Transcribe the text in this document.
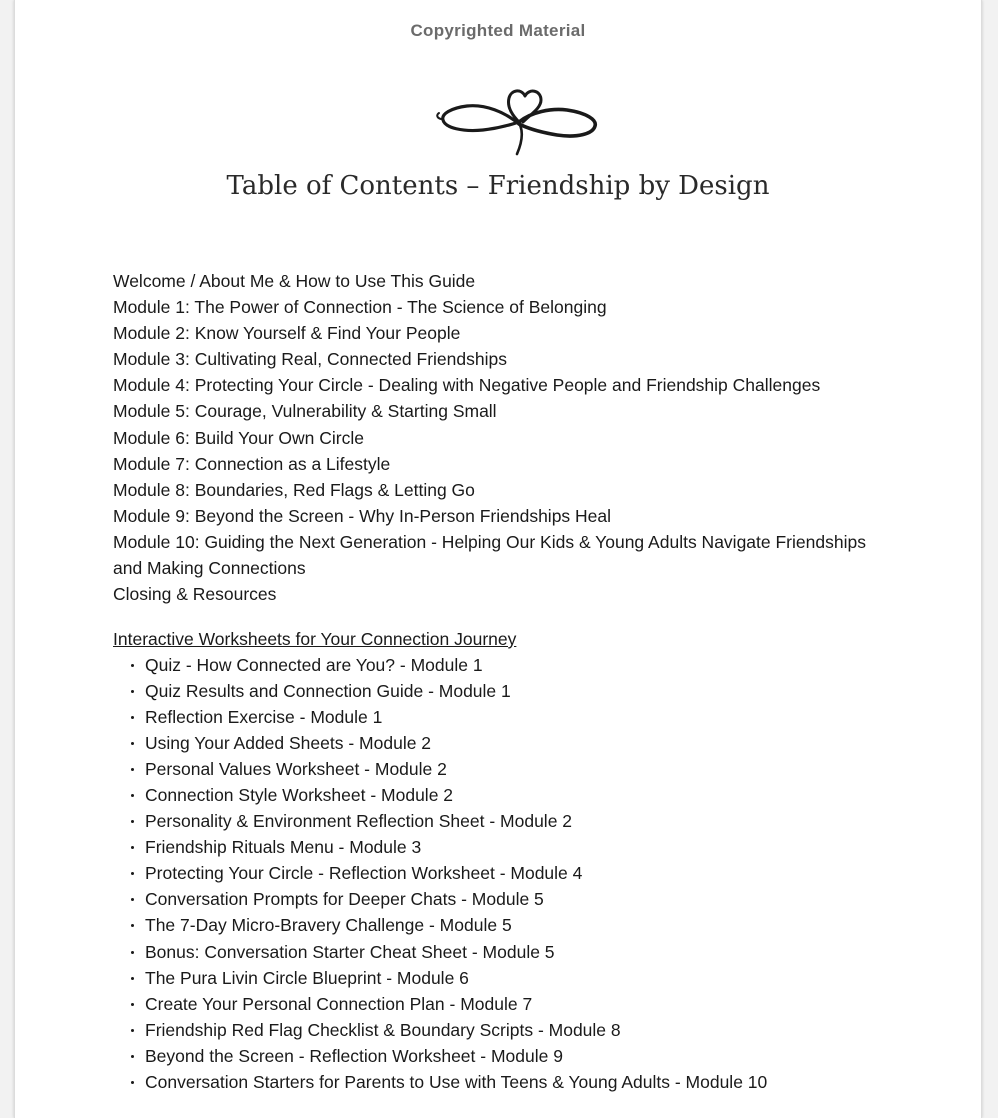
Copyrighted Material
Table of Contents – Friendship by Design
Welcome / About Me & How to Use This Guide
Module 1: The Power of Connection - The Science of Belonging
Module 2: Know Yourself & Find Your People
Module 3: Cultivating Real, Connected Friendships
Module 4: Protecting Your Circle - Dealing with Negative People and Friendship Challenges
Module 5: Courage, Vulnerability & Starting Small
Module 6: Build Your Own Circle
Module 7: Connection as a Lifestyle
Module 8: Boundaries, Red Flags & Letting Go
Module 9: Beyond the Screen - Why In-Person Friendships Heal
Module 10: Guiding the Next Generation - Helping Our Kids & Young Adults Navigate Friendships and Making Connections
Closing & Resources
Interactive Worksheets for Your Connection Journey
Quiz - How Connected are You? - Module 1
Quiz Results and Connection Guide - Module 1
Reflection Exercise - Module 1
Using Your Added Sheets - Module 2
Personal Values Worksheet - Module 2
Connection Style Worksheet - Module 2
Personality & Environment Reflection Sheet - Module 2
Friendship Rituals Menu - Module 3
Protecting Your Circle - Reflection Worksheet - Module 4
Conversation Prompts for Deeper Chats - Module 5
The 7-Day Micro-Bravery Challenge - Module 5
Bonus: Conversation Starter Cheat Sheet - Module 5
The Pura Livin Circle Blueprint - Module 6
Create Your Personal Connection Plan - Module 7
Friendship Red Flag Checklist & Boundary Scripts - Module 8
Beyond the Screen - Reflection Worksheet - Module 9
Conversation Starters for Parents to Use with Teens & Young Adults - Module 10
